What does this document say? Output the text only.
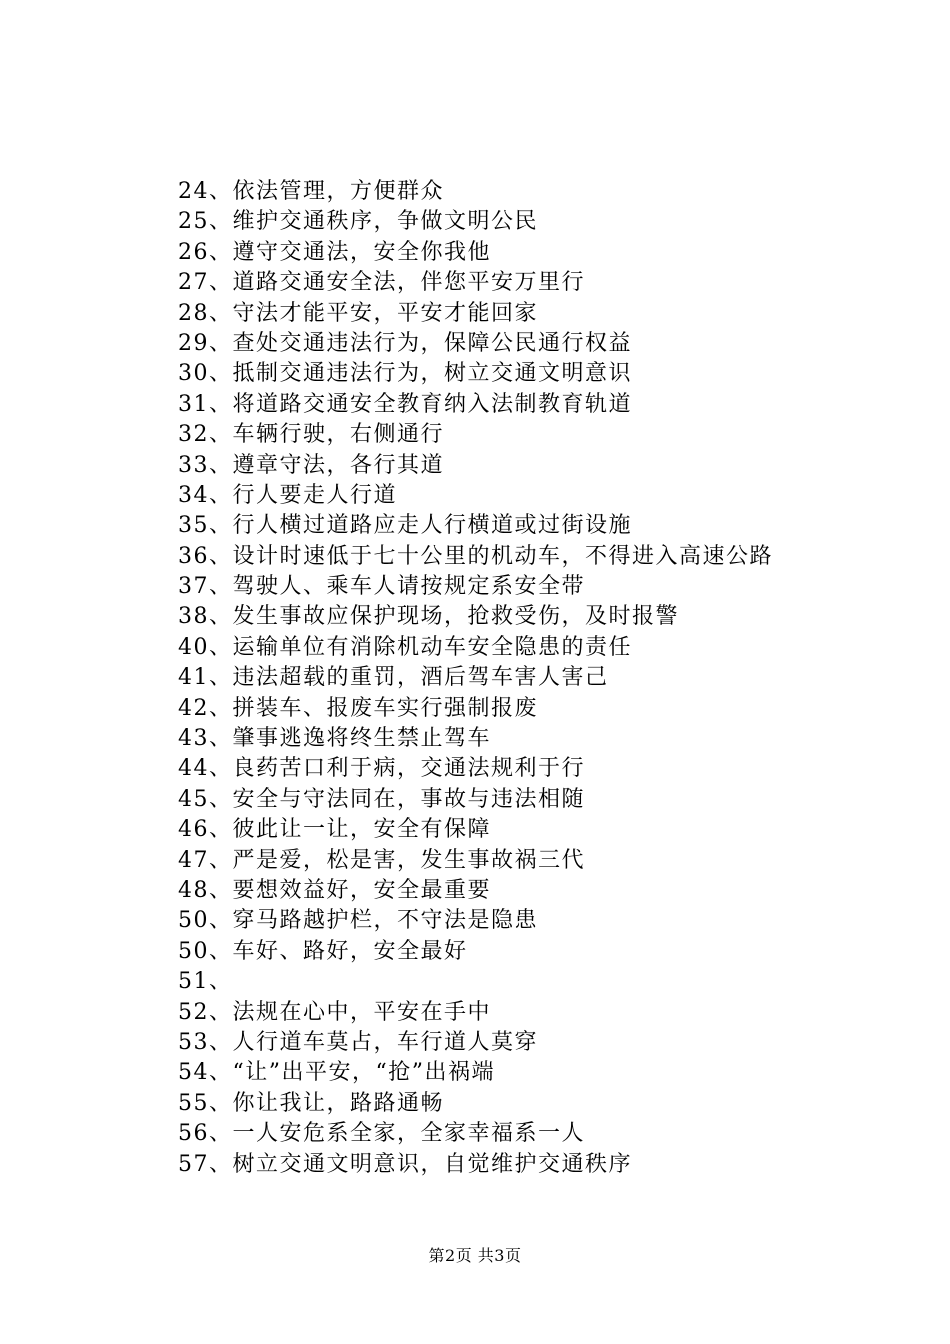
24、依法管理，方便群众
25、维护交通秩序，争做文明公民
26、遵守交通法，安全你我他
27、道路交通安全法，伴您平安万里行
28、守法才能平安，平安才能回家
29、查处交通违法行为，保障公民通行权益
30、抵制交通违法行为，树立交通文明意识
31、将道路交通安全教育纳入法制教育轨道
32、车辆行驶，右侧通行
33、遵章守法，各行其道
34、行人要走人行道
35、行人横过道路应走人行横道或过街设施
36、设计时速低于七十公里的机动车，不得进入高速公路
37、驾驶人、乘车人请按规定系安全带
38、发生事故应保护现场，抢救受伤，及时报警
40、运输单位有消除机动车安全隐患的责任
41、违法超载的重罚，酒后驾车害人害己
42、拼装车、报废车实行强制报废
43、肇事逃逸将终生禁止驾车
44、良药苦口利于病，交通法规利于行
45、安全与守法同在，事故与违法相随
46、彼此让一让，安全有保障
47、严是爱，松是害，发生事故祸三代
48、要想效益好，安全最重要
50、穿马路越护栏，不守法是隐患
50、车好、路好，安全最好
51、
52、法规在心中，平安在手中
53、人行道车莫占，车行道人莫穿
54、“让”出平安，“抢”出祸端
55、你让我让，路路通畅
56、一人安危系全家，全家幸福系一人
57、树立交通文明意识，自觉维护交通秩序
第2页 共3页
